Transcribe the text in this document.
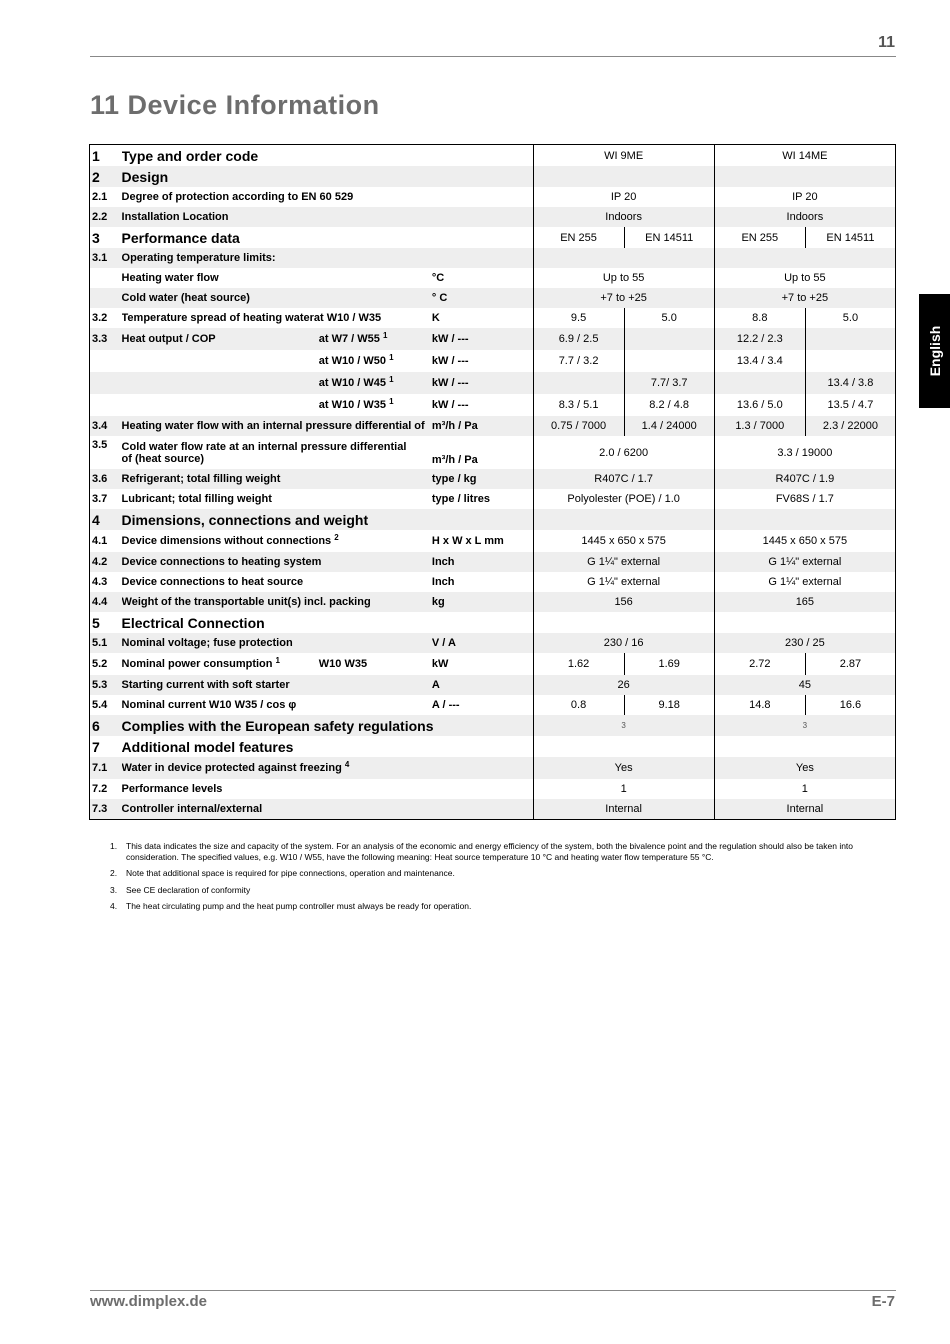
11
11 Device Information
English
1	Type and order code			WI 9ME		WI 14ME	
2	Design						
2.1	Degree of protection according to EN 60 529			IP 20		IP 20	
2.2	Installation Location			Indoors		Indoors	
3	Performance data			EN 255	EN 14511	EN 255	EN 14511
3.1	Operating temperature limits:						
	Heating water flow		°C	Up to 55		Up to 55	
	Cold water (heat source)		° C	+7 to +25		+7 to +25	
3.2	Temperature spread of heating waterat W10 / W35		K	9.5	5.0	8.8	5.0
3.3	Heat output / COP	at W7 / W55 $^1$	kW / ---	6.9 / 2.5		12.2 / 2.3	
		at W10 / W50 $^1$	kW / ---	7.7 / 3.2		13.4 / 3.4	
		at W10 / W45 $^1$	kW / ---		7.7/ 3.7		13.4 / 3.8
		at W10 / W35 $^1$	kW / ---	8.3 / 5.1	8.2 / 4.8	13.6 / 5.0	13.5 / 4.7
3.4	Heating water flow with an internal pressure differential of		m³/h / Pa	0.75 / 7000	1.4 / 24000	1.3 / 7000	2.3 / 22000
3.5	Cold water flow rate at an internal pressure differential of (heat source)		m³/h / Pa	2.0 / 6200		3.3 / 19000	
3.6	Refrigerant; total filling weight		type / kg	R407C / 1.7		R407C / 1.9	
3.7	Lubricant; total filling weight		type / litres	Polyolester (POE) / 1.0		FV68S / 1.7	
4	Dimensions, connections and weight						
4.1	Device dimensions without connections $^2$		H x W x L mm	1445 x 650 x 575		1445 x 650 x 575	
4.2	Device connections to heating system		Inch	G 1¼" external		G 1¼" external	
4.3	Device connections to heat source		Inch	G 1¼" external		G 1¼" external	
4.4	Weight of the transportable unit(s) incl. packing		kg	156		165	
5	Electrical Connection						
5.1	Nominal voltage; fuse protection		V / A	230 / 16		230 / 25	
5.2	Nominal power consumption $^1$	W10 W35	kW	1.62	1.69	2.72	2.87
5.3	Starting current with soft starter		A	26		45	
5.4	Nominal current W10 W35 / cos φ		A / ---	0.8	9.18	14.8	16.6
6	Complies with the European safety regulations			$^3$		$^3$
7	Additional model features						
7.1	Water in device protected against freezing $^4$			Yes		Yes	
7.2	Performance levels			1		1	
7.3	Controller internal/external			Internal		Internal	
1. This data indicates the size and capacity of the system. For an analysis of the economic and energy efficiency of the system, both the bivalence point and the regulation should also be taken into consideration. The specified values, e.g. W10 / W55, have the following meaning: Heat source temperature 10 °C and heating water flow temperature 55 °C.
2. Note that additional space is required for pipe connections, operation and maintenance.
3. See CE declaration of conformity
4. The heat circulating pump and the heat pump controller must always be ready for operation.
www.dimplex.de	E-7
